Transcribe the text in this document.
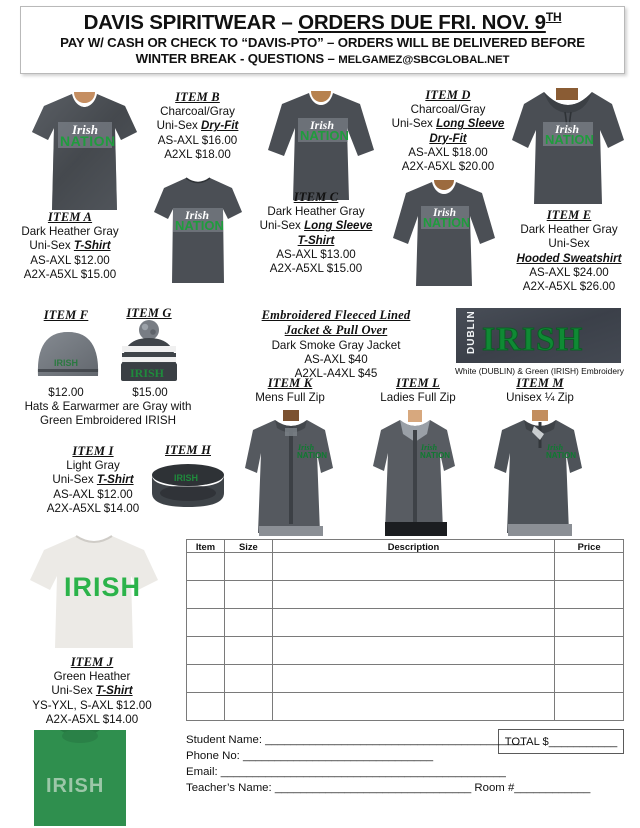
DAVIS SPIRITWEAR – ORDERS DUE FRI. NOV. 9TH
PAY W/ CASH OR CHECK TO “DAVIS-PTO” – ORDERS WILL BE DELIVERED BEFORE
WINTER BREAK - QUESTIONS – MELGAMEZ@SBCGLOBAL.NET
Irish
NATION
ITEM A
Dark Heather Gray
Uni-Sex T-Shirt
AS-AXL $12.00
A2X-A5XL $15.00
ITEM B
Charcoal/Gray
Uni-Sex Dry-Fit
AS-AXL $16.00
A2XL $18.00
Irish
NATION
Irish
NATION
ITEM C
Dark Heather Gray
Uni-Sex Long Sleeve
T-Shirt
AS-AXL $13.00
A2X-A5XL $15.00
ITEM D
Charcoal/Gray
Uni-Sex Long Sleeve
Dry-Fit
AS-AXL $18.00
A2X-A5XL $20.00
Irish
NATION
Irish
NATION
ITEM E
Dark Heather Gray
Uni-Sex
Hooded Sweatshirt
AS-AXL $24.00
A2X-A5XL $26.00
ITEM F
IRISH
$12.00
ITEM G
IRISH
$15.00
Hats & Earwarmer are Gray with
Green Embroidered IRISH
ITEM I
Light Gray
Uni-Sex T-Shirt
AS-AXL $12.00
A2X-A5XL $14.00
ITEM H
IRISH
Embroidered Fleeced Lined
Jacket & Pull Over
Dark Smoke Gray Jacket
AS-AXL $40
A2XL-A4XL $45
DUBLIN IRISH
White (DUBLIN) & Green (IRISH) Embroidery
ITEM K
Mens Full Zip
ITEM L
Ladies Full Zip
ITEM M
Unisex ¼ Zip
Irish
NATION
Irish
NATION
Irish
NATION
IRISH
ITEM J
Green Heather
Uni-Sex T-Shirt
YS-YXL, S-AXL $12.00
A2X-A5XL $14.00
IRISH
Item	Size	Description	Price

TOTAL $___________
Student Name: _________________________________________
Phone No: ______________________________
Email: _____________________________________________
Teacher’s Name: _______________________________ Room #____________
